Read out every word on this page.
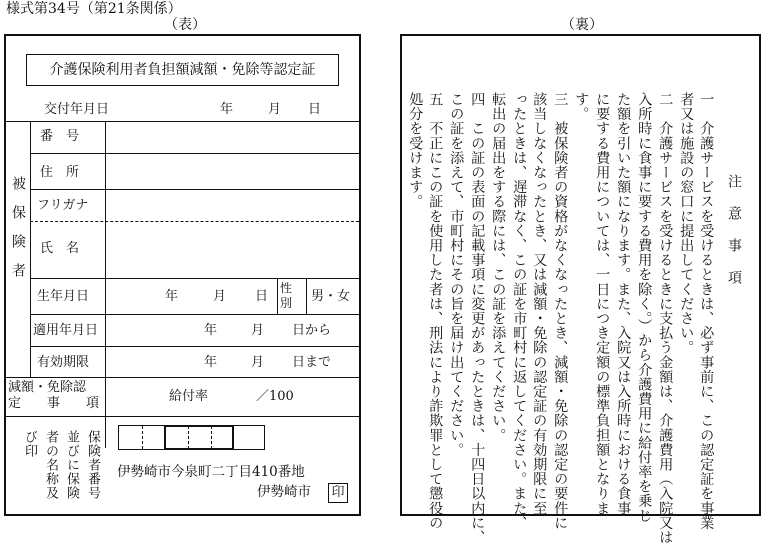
様式第34号（第21条関係）
（表）	（裏）
介護保険利用者負担額減額・免除等認定証
交付年月日	年	月 日
被保険者
番　号
住　所
フリガナ
氏　名
生年月日	年	月 日
性別	男・女
適用年月日	年	月 日から
有効期限	年	月 日まで
減額・免除認
定　　事　　項	給付率	／100
保険者番号
並びに保険
者の名称及
び印
伊勢崎市今泉町二丁目410番地
伊勢崎市 印
注　意　事　項
一　介護サービスを受けるときは、必ず事前に、この認定証を事業
者又は施設の窓口に提出してください。
二　介護サービスを受けるときに支払う金額は、介護費用（入院又は
入所時に食事に要する費用を除く。）から介護費用に給付率を乗じ
た額を引いた額になります。また、入院又は入所時における食事
に要する費用については、一日につき定額の標準負担額となりま
す。
三　被保険者の資格がなくなったとき、減額・免除の認定の要件に
該当しなくなったとき、又は減額・免除の認定証の有効期限に至
ったときは、遅滞なく、この証を市町村に返してください。また、
転出の届出をする際には、この証を添えてください。
四　この証の表面の記載事項に変更があったときは、十四日以内に、
この証を添えて、市町村にその旨を届け出てください。
五　不正にこの証を使用した者は、刑法により詐欺罪として懲役の
処分を受けます。
